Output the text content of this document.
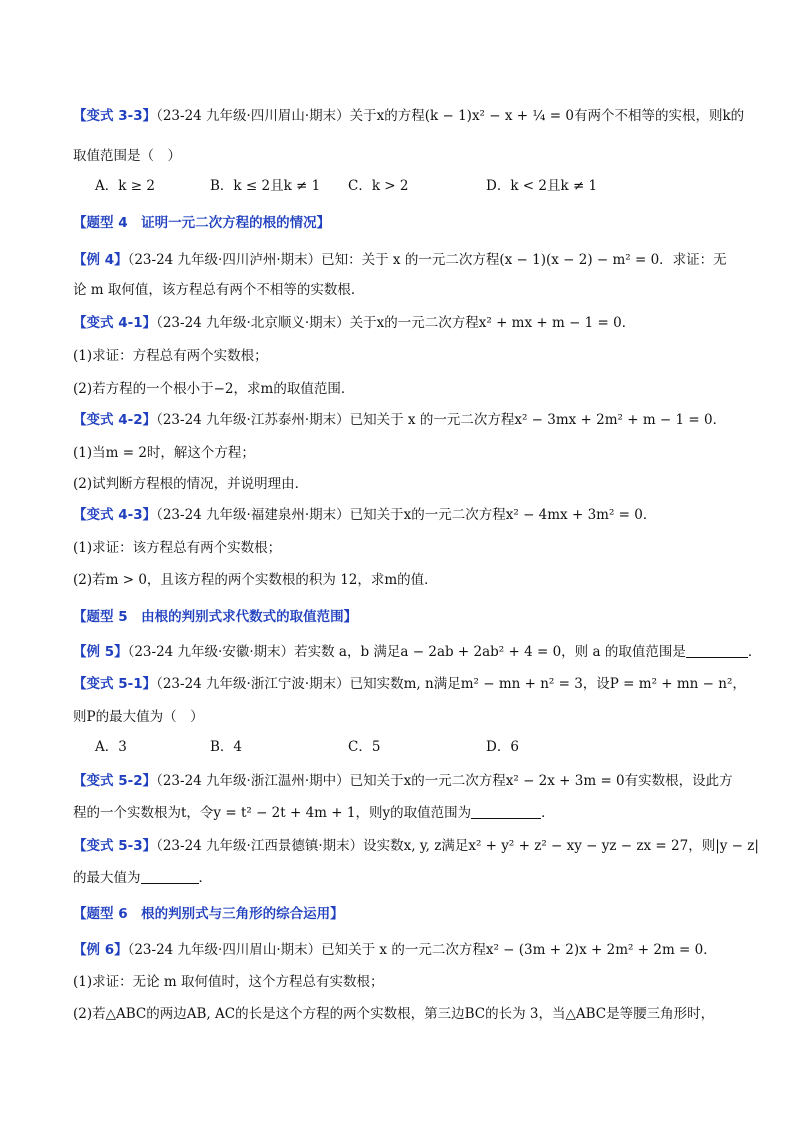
【变式 3-3】（23-24 九年级·四川眉山·期末）关于x的方程(k − 1)x² − x + ¼ = 0有两个不相等的实根，则k的
取值范围是（　）
A．k ≥ 2	B．k ≤ 2且k ≠ 1 C．k > 2	D．k < 2且k ≠ 1
【题型 4　证明一元二次方程的根的情况】
【例 4】（23-24 九年级·四川泸州·期末）已知：关于 x 的一元二次方程(x − 1)(x − 2) − m² = 0．求证：无
论 m 取何值，该方程总有两个不相等的实数根．
【变式 4-1】（23-24 九年级·北京顺义·期末）关于x的一元二次方程x² + mx + m − 1 = 0．
(1)求证：方程总有两个实数根；
(2)若方程的一个根小于−2，求m的取值范围．
【变式 4-2】（23-24 九年级·江苏泰州·期末）已知关于 x 的一元二次方程x² − 3mx + 2m² + m − 1 = 0．
(1)当m = 2时，解这个方程；
(2)试判断方程根的情况，并说明理由．
【变式 4-3】（23-24 九年级·福建泉州·期末）已知关于x的一元二次方程x² − 4mx + 3m² = 0．
(1)求证：该方程总有两个实数根；
(2)若m > 0，且该方程的两个实数根的积为 12，求m的值．
【题型 5　由根的判别式求代数式的取值范围】
【例 5】（23-24 九年级·安徽·期末）若实数 a，b 满足a − 2ab + 2ab² + 4 = 0，则 a 的取值范围是	．
【变式 5-1】（23-24 九年级·浙江宁波·期末）已知实数m, n满足m² − mn + n² = 3，设P = m² + mn − n²，
则P的最大值为（　）
A．3	B．4	C．5	D．6
【变式 5-2】（23-24 九年级·浙江温州·期中）已知关于x的一元二次方程x² − 2x + 3m = 0有实数根，设此方
程的一个实数根为t，令y = t² − 2t + 4m + 1，则y的取值范围为	．
【变式 5-3】（23-24 九年级·江西景德镇·期末）设实数x, y, z满足x² + y² + z² − xy − yz − zx = 27，则|y − z|
的最大值为	．
【题型 6　根的判别式与三角形的综合运用】
【例 6】（23-24 九年级·四川眉山·期末）已知关于 x 的一元二次方程x² − (3m + 2)x + 2m² + 2m = 0．
(1)求证：无论 m 取何值时，这个方程总有实数根；
(2)若△ABC的两边AB, AC的长是这个方程的两个实数根，第三边BC的长为 3，当△ABC是等腰三角形时，
